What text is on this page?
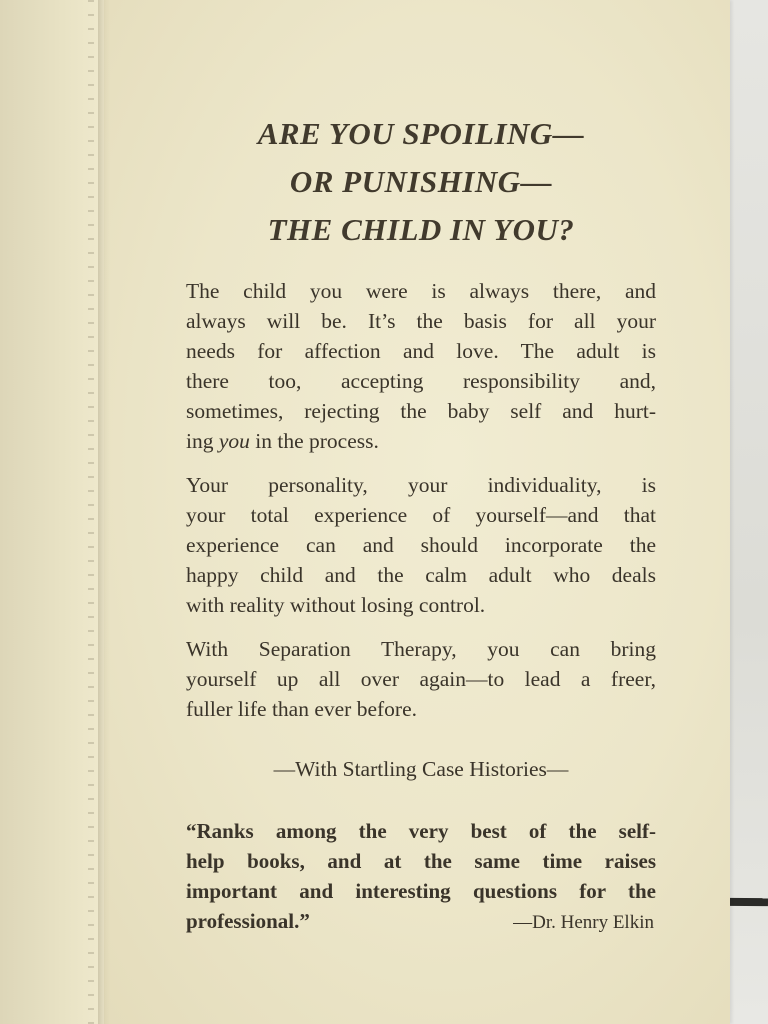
ARE YOU SPOILING—
OR PUNISHING—
THE CHILD IN YOU?

The child you were is always there, and
always will be. It’s the basis for all your
needs for affection and love. The adult is
there too, accepting responsibility and,
sometimes, rejecting the baby self and hurt-
ing you in the process.

Your personality, your individuality, is
your total experience of yourself—and that
experience can and should incorporate the
happy child and the calm adult who deals
with reality without losing control.

With Separation Therapy, you can bring
yourself up all over again—to lead a freer,
fuller life than ever before.

—With Startling Case Histories—
“Ranks among the very best of the self-
help books, and at the same time raises
important and interesting questions for the
professional.”	—Dr. Henry Elkin
